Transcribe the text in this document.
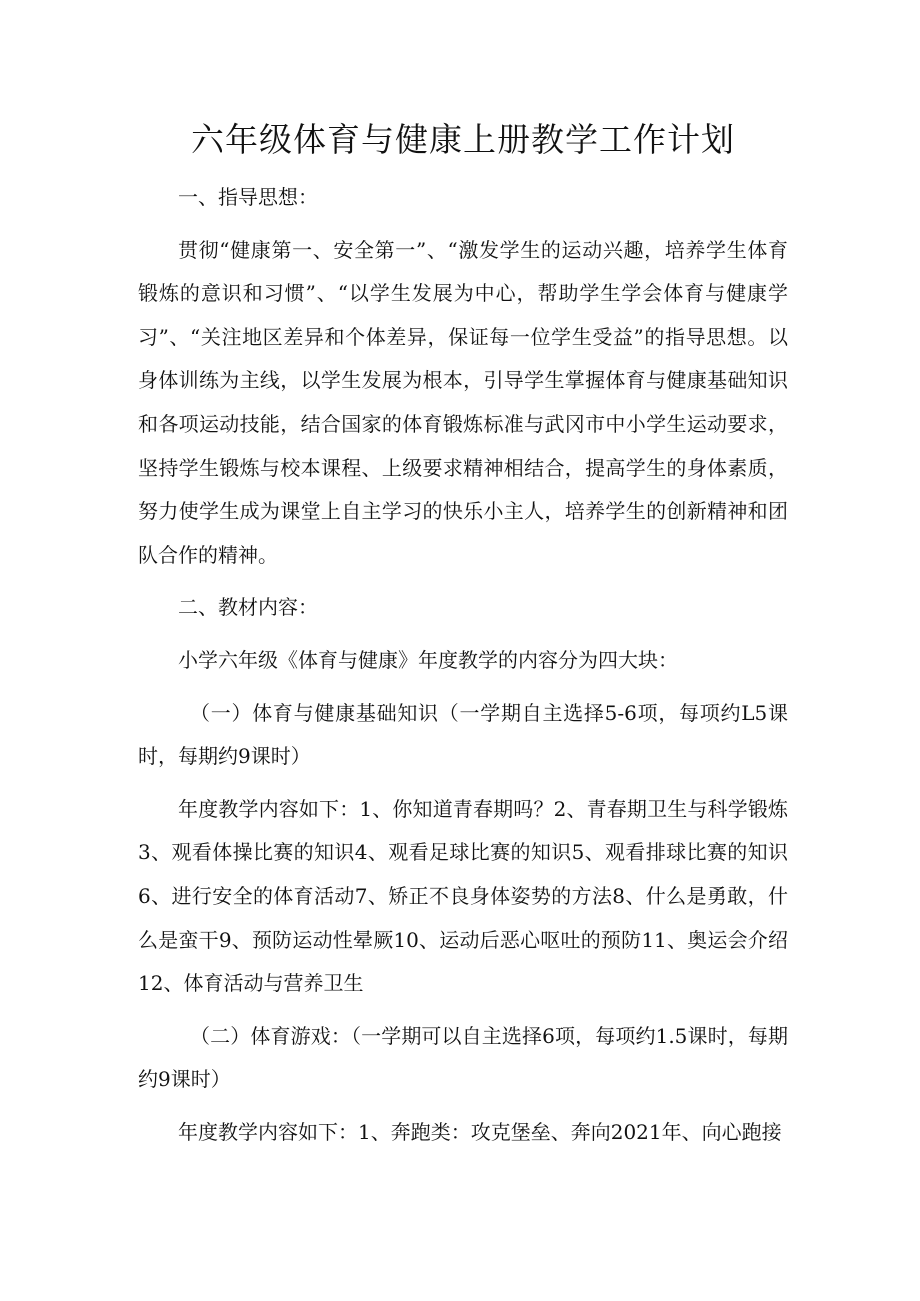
六年级体育与健康上册教学工作计划

一、指导思想：

贯彻“健康第一、安全第一”、“激发学生的运动兴趣，培养学生体育锻炼的意识和习惯”、“以学生发展为中心，帮助学生学会体育与健康学习”、“关注地区差异和个体差异，保证每一位学生受益”的指导思想。以身体训练为主线，以学生发展为根本，引导学生掌握体育与健康基础知识和各项运动技能，结合国家的体育锻炼标准与武冈市中小学生运动要求，坚持学生锻炼与校本课程、上级要求精神相结合，提高学生的身体素质，努力使学生成为课堂上自主学习的快乐小主人，培养学生的创新精神和团队合作的精神。

二、教材内容：

小学六年级《体育与健康》年度教学的内容分为四大块：

（一）体育与健康基础知识（一学期自主选择5-6项，每项约L5课时，每期约9课时）

年度教学内容如下：1、你知道青春期吗？2、青春期卫生与科学锻炼3、观看体操比赛的知识4、观看足球比赛的知识5、观看排球比赛的知识6、进行安全的体育活动7、矫正不良身体姿势的方法8、什么是勇敢，什么是蛮干9、预防运动性晕厥10、运动后恶心呕吐的预防11、奥运会介绍12、体育活动与营养卫生

（二）体育游戏：（一学期可以自主选择6项，每项约1.5课时，每期约9课时）

年度教学内容如下：1、奔跑类：攻克堡垒、奔向2021年、向心跑接
